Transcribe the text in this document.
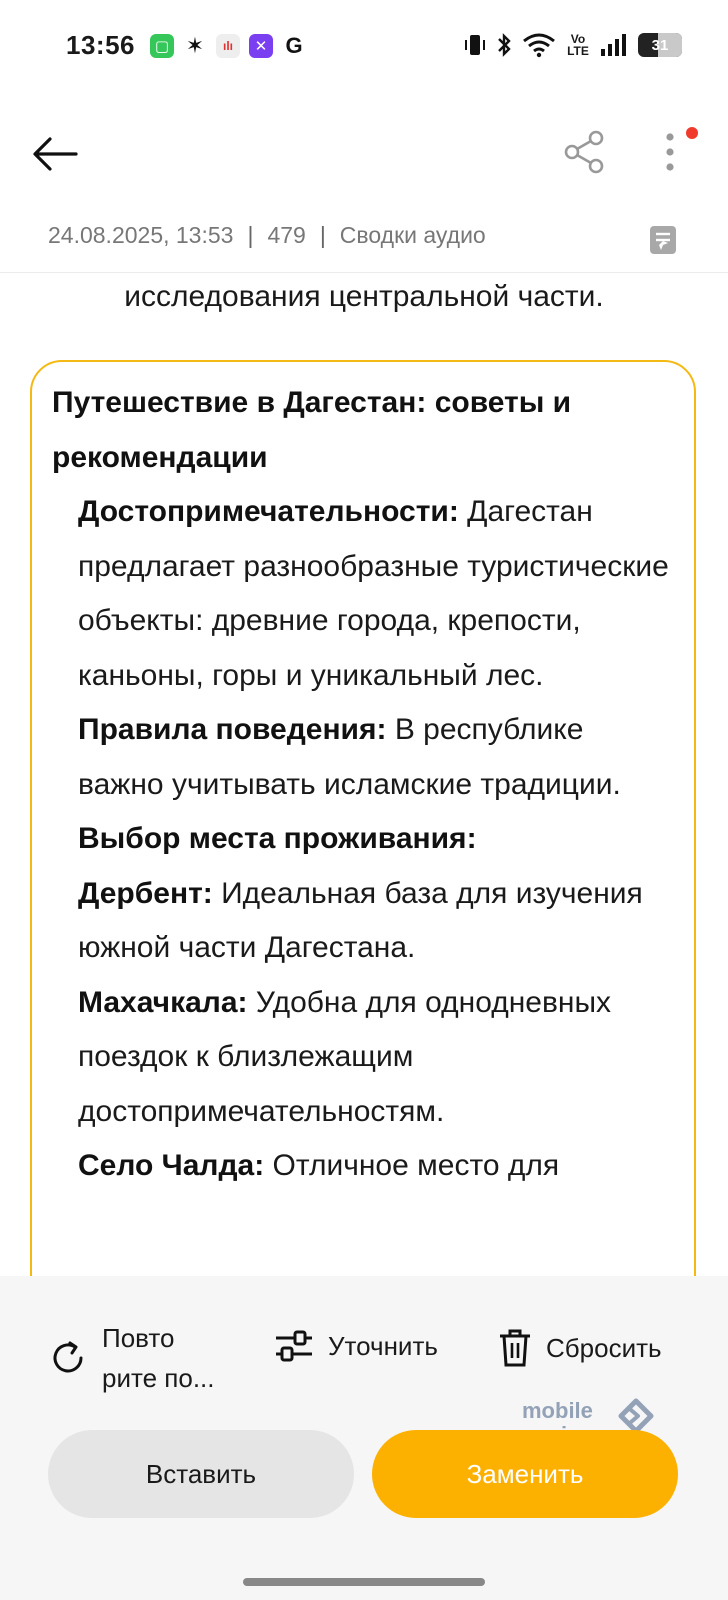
13:56	▢ ✶	ılı	✕ G	Vo LTE	31
24.08.2025, 13:53 | 479 | Сводки аудио
исследования центральной части.

Путешествие в Дагестан: советы и рекомендации

Достопримечательности: Дагестан предлагает разнообразные туристические объекты: древние города, крепости, каньоны, горы и уникальный лес.

Правила поведения: В республике важно учитывать исламские традиции.

Выбор места проживания:

Дербент: Идеальная база для изучения южной части Дагестана.

Махачкала: Удобна для однодневных поездок к близлежащим достопримечательностям.

Село Чалда: Отличное место для

Повто рите по...
Уточнить	Сбросить
mobile
Вставить	Заменить
